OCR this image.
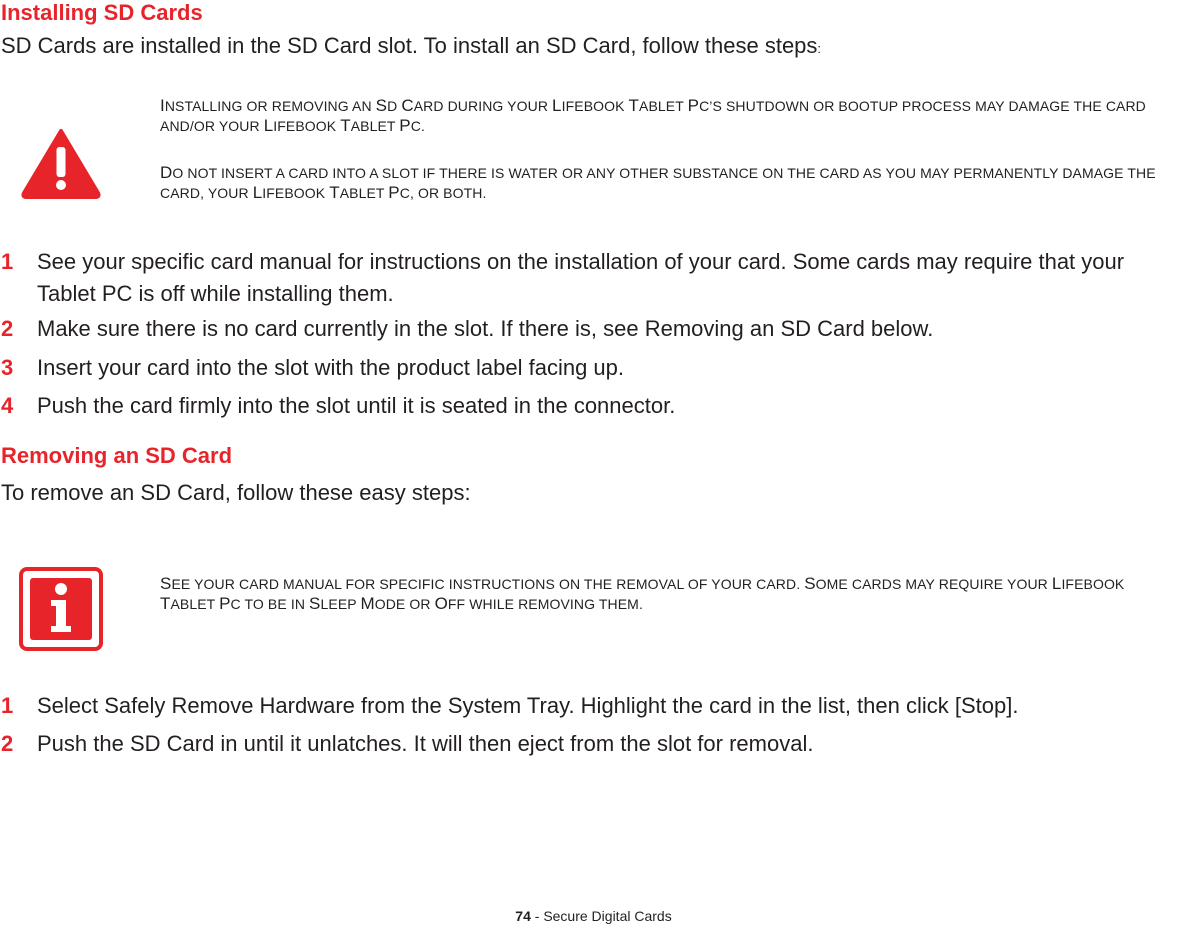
Installing SD Cards
SD Cards are installed in the SD Card slot. To install an SD Card, follow these steps:
INSTALLING OR REMOVING AN SD CARD DURING YOUR LIFEBOOK TABLET PC’S SHUTDOWN OR BOOTUP PROCESS MAY DAMAGE THE CARD AND/OR YOUR LIFEBOOK TABLET PC.
DO NOT INSERT A CARD INTO A SLOT IF THERE IS WATER OR ANY OTHER SUBSTANCE ON THE CARD AS YOU MAY PERMANENTLY DAMAGE THE CARD, YOUR LIFEBOOK TABLET PC, OR BOTH.
1 See your specific card manual for instructions on the installation of your card. Some cards may require that your Tablet PC is off while installing them.
2 Make sure there is no card currently in the slot. If there is, see Removing an SD Card below.
3 Insert your card into the slot with the product label facing up.
4 Push the card firmly into the slot until it is seated in the connector.
Removing an SD Card
To remove an SD Card, follow these easy steps:
SEE YOUR CARD MANUAL FOR SPECIFIC INSTRUCTIONS ON THE REMOVAL OF YOUR CARD. SOME CARDS MAY REQUIRE YOUR LIFEBOOK TABLET PC TO BE IN SLEEP MODE OR OFF WHILE REMOVING THEM.
1 Select Safely Remove Hardware from the System Tray. Highlight the card in the list, then click [Stop].
2 Push the SD Card in until it unlatches. It will then eject from the slot for removal.
74 - Secure Digital Cards
